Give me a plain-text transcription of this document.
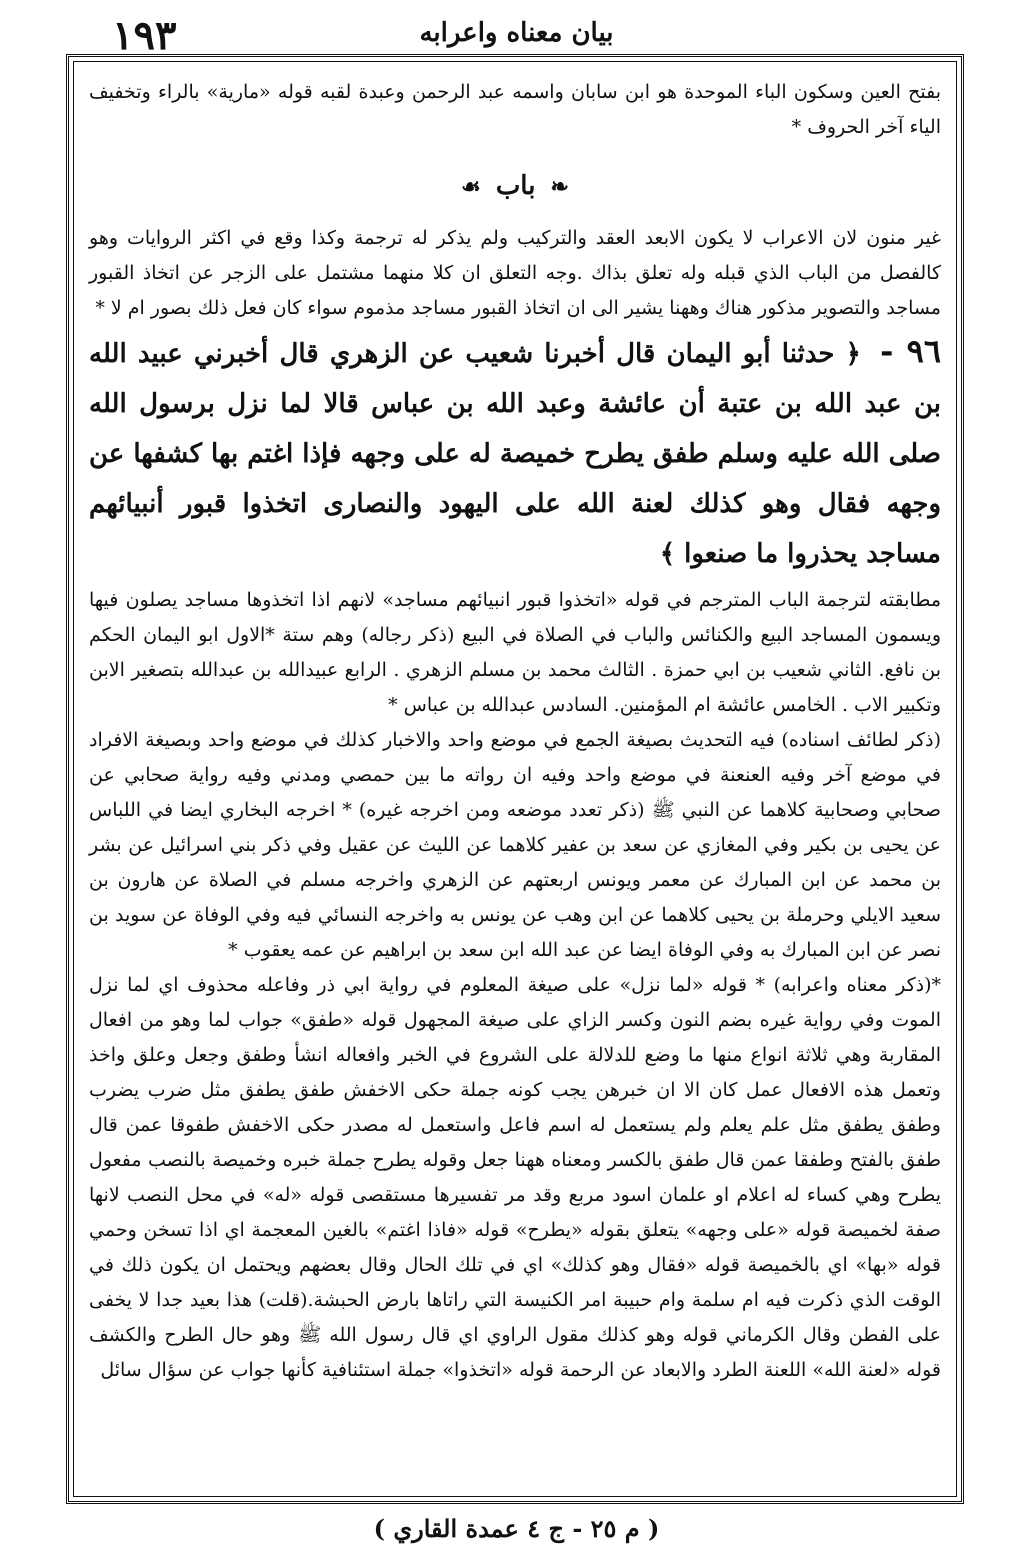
١٩٣	بيان معناه واعرابه

بفتح العين وسكون الباء الموحدة هو ابن سابان واسمه عبد الرحمن وعبدة لقبه قوله «مارية» بالراء وتخفيف الياء آخر الحروف *

❧ باب ☙

غير منون لان الاعراب لا يكون الابعد العقد والتركيب ولم يذكر له ترجمة وكذا وقع في اكثر الروايات وهو كالفصل من الباب الذي قبله وله تعلق بذاك .وجه التعلق ان كلا منهما مشتمل على الزجر عن اتخاذ القبور مساجد والتصوير مذكور هناك وههنا يشير الى ان اتخاذ القبور مساجد مذموم سواء كان فعل ذلك بصور ام لا *

٩٦ - ﴿ حدثنا أبو اليمان قال أخبرنا شعيب عن الزهري قال أخبرني عبيد الله بن عبد الله بن عتبة أن عائشة وعبد الله بن عباس قالا لما نزل برسول الله صلى الله عليه وسلم طفق يطرح خميصة له على وجهه فإذا اغتم بها كشفها عن وجهه فقال وهو كذلك لعنة الله على اليهود والنصارى اتخذوا قبور أنبيائهم مساجد يحذروا ما صنعوا ﴾

مطابقته لترجمة الباب المترجم في قوله «اتخذوا قبور انبيائهم مساجد» لانهم اذا اتخذوها مساجد يصلون فيها ويسمون المساجد البيع والكنائس والباب في الصلاة في البيع (ذكر رجاله) وهم ستة *الاول ابو اليمان الحكم بن نافع. الثاني شعيب بن ابي حمزة . الثالث محمد بن مسلم الزهري . الرابع عبيدالله بن عبدالله بتصغير الابن وتكبير الاب . الخامس عائشة ام المؤمنين. السادس عبدالله بن عباس *

(ذكر لطائف اسناده) فيه التحديث بصيغة الجمع في موضع واحد والاخبار كذلك في موضع واحد وبصيغة الافراد في موضع آخر وفيه العنعنة في موضع واحد وفيه ان رواته ما بين حمصي ومدني وفيه رواية صحابي عن صحابي وصحابية كلاهما عن النبي ﷺ (ذكر تعدد موضعه ومن اخرجه غيره) * اخرجه البخاري ايضا في اللباس عن يحيى بن بكير وفي المغازي عن سعد بن عفير كلاهما عن الليث عن عقيل وفي ذكر بني اسرائيل عن بشر بن محمد عن ابن المبارك عن معمر ويونس اربعتهم عن الزهري واخرجه مسلم في الصلاة عن هارون بن سعيد الايلي وحرملة بن يحيى كلاهما عن ابن وهب عن يونس به واخرجه النسائي فيه وفي الوفاة عن سويد بن نصر عن ابن المبارك به وفي الوفاة ايضا عن عبد الله ابن سعد بن ابراهيم عن عمه يعقوب *

*(ذكر معناه واعرابه) * قوله «لما نزل» على صيغة المعلوم في رواية ابي ذر وفاعله محذوف اي لما نزل الموت وفي رواية غيره بضم النون وكسر الزاي على صيغة المجهول قوله «طفق» جواب لما وهو من افعال المقاربة وهي ثلاثة انواع منها ما وضع للدلالة على الشروع في الخبر وافعاله انشأ وطفق وجعل وعلق واخذ وتعمل هذه الافعال عمل كان الا ان خبرهن يجب كونه جملة حكى الاخفش طفق يطفق مثل ضرب يضرب وطفق يطفق مثل علم يعلم ولم يستعمل له اسم فاعل واستعمل له مصدر حكى الاخفش طفوقا عمن قال طفق بالفتح وطفقا عمن قال طفق بالكسر ومعناه ههنا جعل وقوله يطرح جملة خبره وخميصة بالنصب مفعول يطرح وهي كساء له اعلام او علمان اسود مربع وقد مر تفسيرها مستقصى قوله «له» في محل النصب لانها صفة لخميصة قوله «على وجهه» يتعلق بقوله «يطرح» قوله «فاذا اغتم» بالغين المعجمة اي اذا تسخن وحمي قوله «بها» اي بالخميصة قوله «فقال وهو كذلك» اي في تلك الحال وقال بعضهم ويحتمل ان يكون ذلك في الوقت الذي ذكرت فيه ام سلمة وام حبيبة امر الكنيسة التي راتاها بارض الحبشة.(قلت) هذا بعيد جدا لا يخفى على الفطن وقال الكرماني قوله وهو كذلك مقول الراوي اي قال رسول الله ﷺ وهو حال الطرح والكشف قوله «لعنة الله» اللعنة الطرد والابعاد عن الرحمة قوله «اتخذوا» جملة استئنافية كأنها جواب عن سؤال سائل

( م ٢٥ - ج ٤ عمدة القاري )
